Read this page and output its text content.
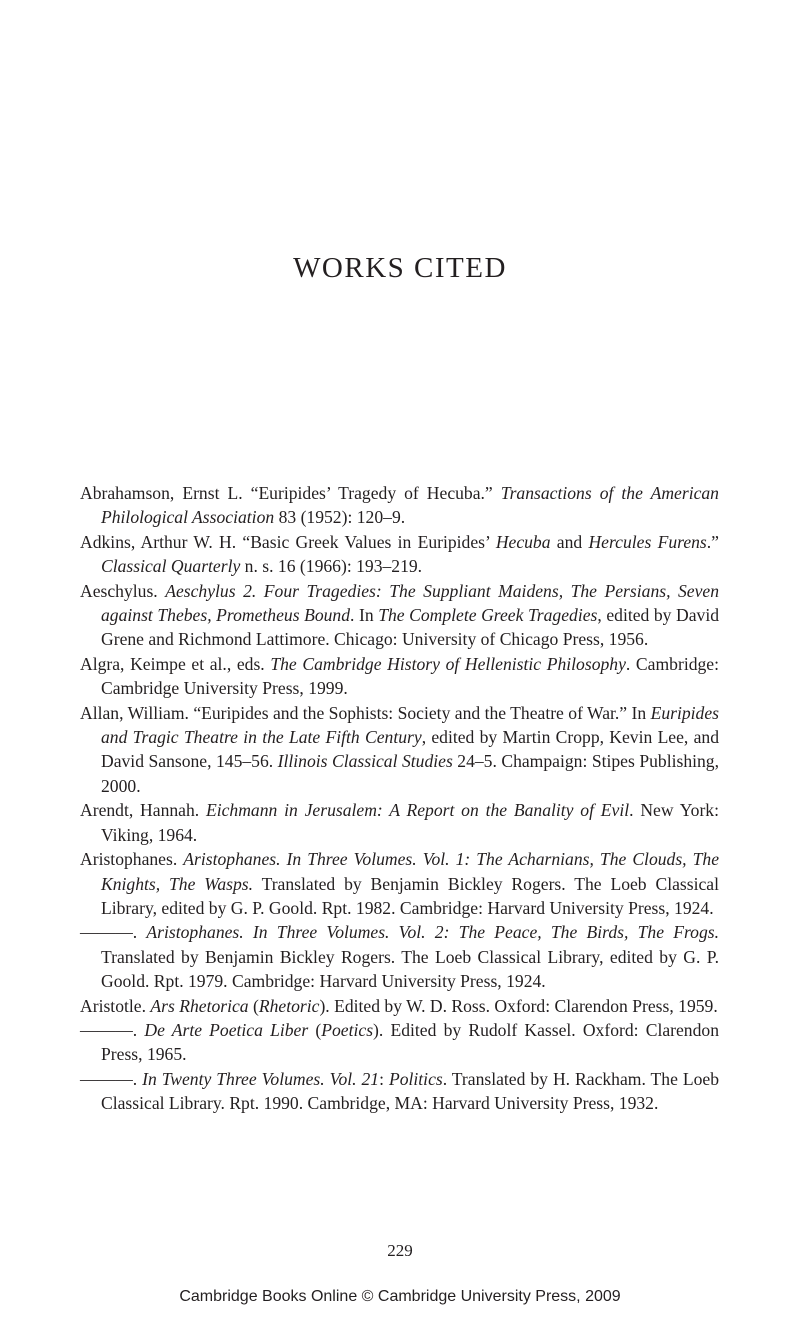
WORKS CITED
Abrahamson, Ernst L. “Euripides’ Tragedy of Hecuba.” Transactions of the American Philological Association 83 (1952): 120–9.
Adkins, Arthur W. H. “Basic Greek Values in Euripides’ Hecuba and Hercules Furens.” Classical Quarterly n. s. 16 (1966): 193–219.
Aeschylus. Aeschylus 2. Four Tragedies: The Suppliant Maidens, The Persians, Seven against Thebes, Prometheus Bound. In The Complete Greek Tragedies, edited by David Grene and Richmond Lattimore. Chicago: University of Chicago Press, 1956.
Algra, Keimpe et al., eds. The Cambridge History of Hellenistic Philosophy. Cambridge: Cambridge University Press, 1999.
Allan, William. “Euripides and the Sophists: Society and the Theatre of War.” In Euripides and Tragic Theatre in the Late Fifth Century, edited by Martin Cropp, Kevin Lee, and David Sansone, 145–56. Illinois Classical Studies 24–5. Champaign: Stipes Publishing, 2000.
Arendt, Hannah. Eichmann in Jerusalem: A Report on the Banality of Evil. New York: Viking, 1964.
Aristophanes. Aristophanes. In Three Volumes. Vol. 1: The Acharnians, The Clouds, The Knights, The Wasps. Translated by Benjamin Bickley Rogers. The Loeb Classical Library, edited by G. P. Goold. Rpt. 1982. Cambridge: Harvard University Press, 1924.
———. Aristophanes. In Three Volumes. Vol. 2: The Peace, The Birds, The Frogs. Translated by Benjamin Bickley Rogers. The Loeb Classical Library, edited by G. P. Goold. Rpt. 1979. Cambridge: Harvard University Press, 1924.
Aristotle. Ars Rhetorica (Rhetoric). Edited by W. D. Ross. Oxford: Clarendon Press, 1959.
———. De Arte Poetica Liber (Poetics). Edited by Rudolf Kassel. Oxford: Clarendon Press, 1965.
———. In Twenty Three Volumes. Vol. 21: Politics. Translated by H. Rackham. The Loeb Classical Library. Rpt. 1990. Cambridge, MA: Harvard University Press, 1932.
229
Cambridge Books Online © Cambridge University Press, 2009
